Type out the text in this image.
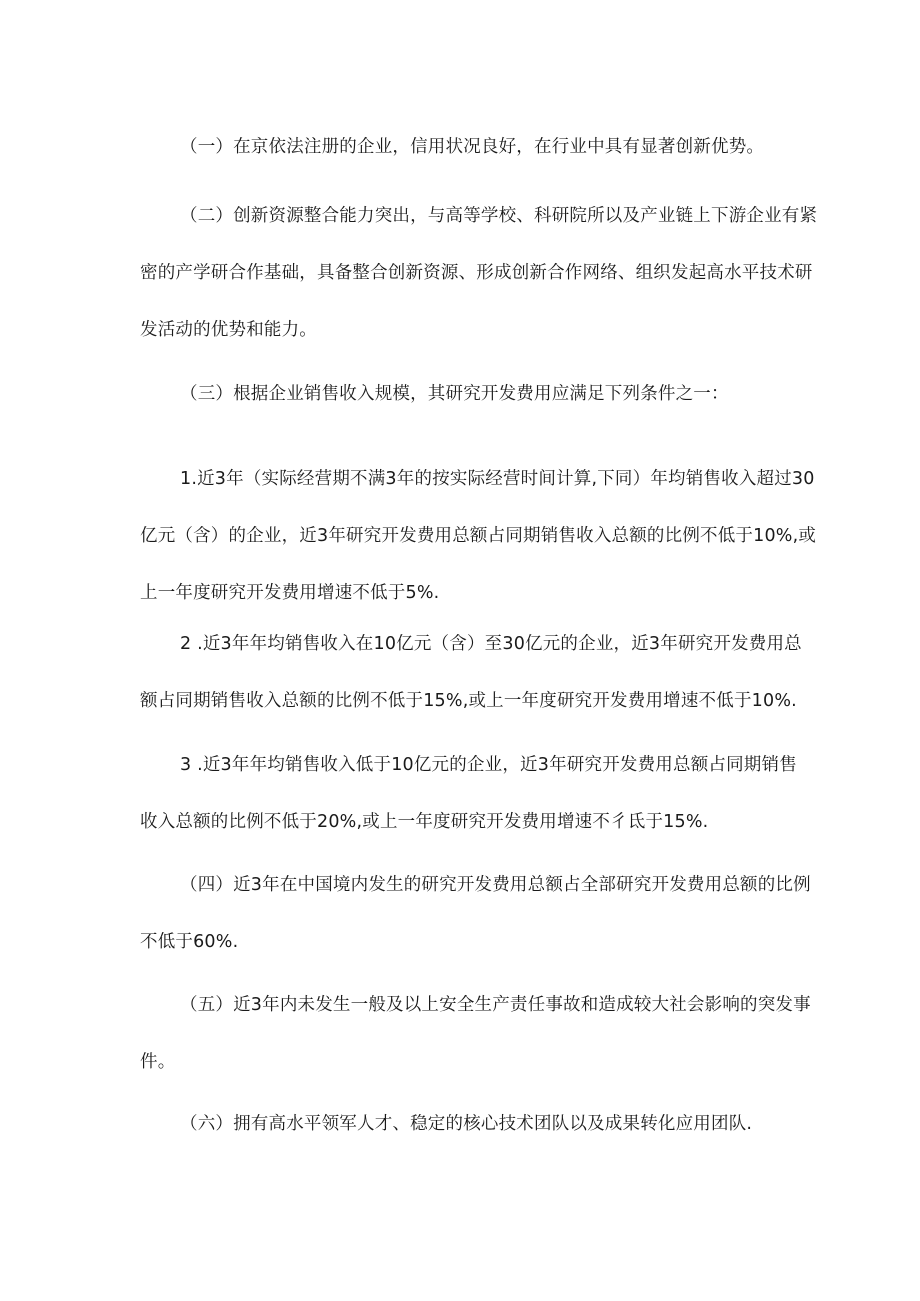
（一）在京依法注册的企业，信用状况良好，在行业中具有显著创新优势。

（二）创新资源整合能力突出，与高等学校、科研院所以及产业链上下游企业有紧
密的产学研合作基础，具备整合创新资源、形成创新合作网络、组织发起高水平技术研
发活动的优势和能力。

（三）根据企业销售收入规模，其研究开发费用应满足下列条件之一：

1.近3年（实际经营期不满3年的按实际经营时间计算,下同）年均销售收入超过30
亿元（含）的企业，近3年研究开发费用总额占同期销售收入总额的比例不低于10%,或
上一年度研究开发费用增速不低于5%.

2 .近3年年均销售收入在10亿元（含）至30亿元的企业，近3年研究开发费用总
额占同期销售收入总额的比例不低于15%,或上一年度研究开发费用增速不低于10%.

3 .近3年年均销售收入低于10亿元的企业，近3年研究开发费用总额占同期销售
收入总额的比例不低于20%,或上一年度研究开发费用增速不彳氐于15%.

（四）近3年在中国境内发生的研究开发费用总额占全部研究开发费用总额的比例
不低于60%.

（五）近3年内未发生一般及以上安全生产责任事故和造成较大社会影响的突发事
件。

（六）拥有高水平领军人才、稳定的核心技术团队以及成果转化应用团队.
